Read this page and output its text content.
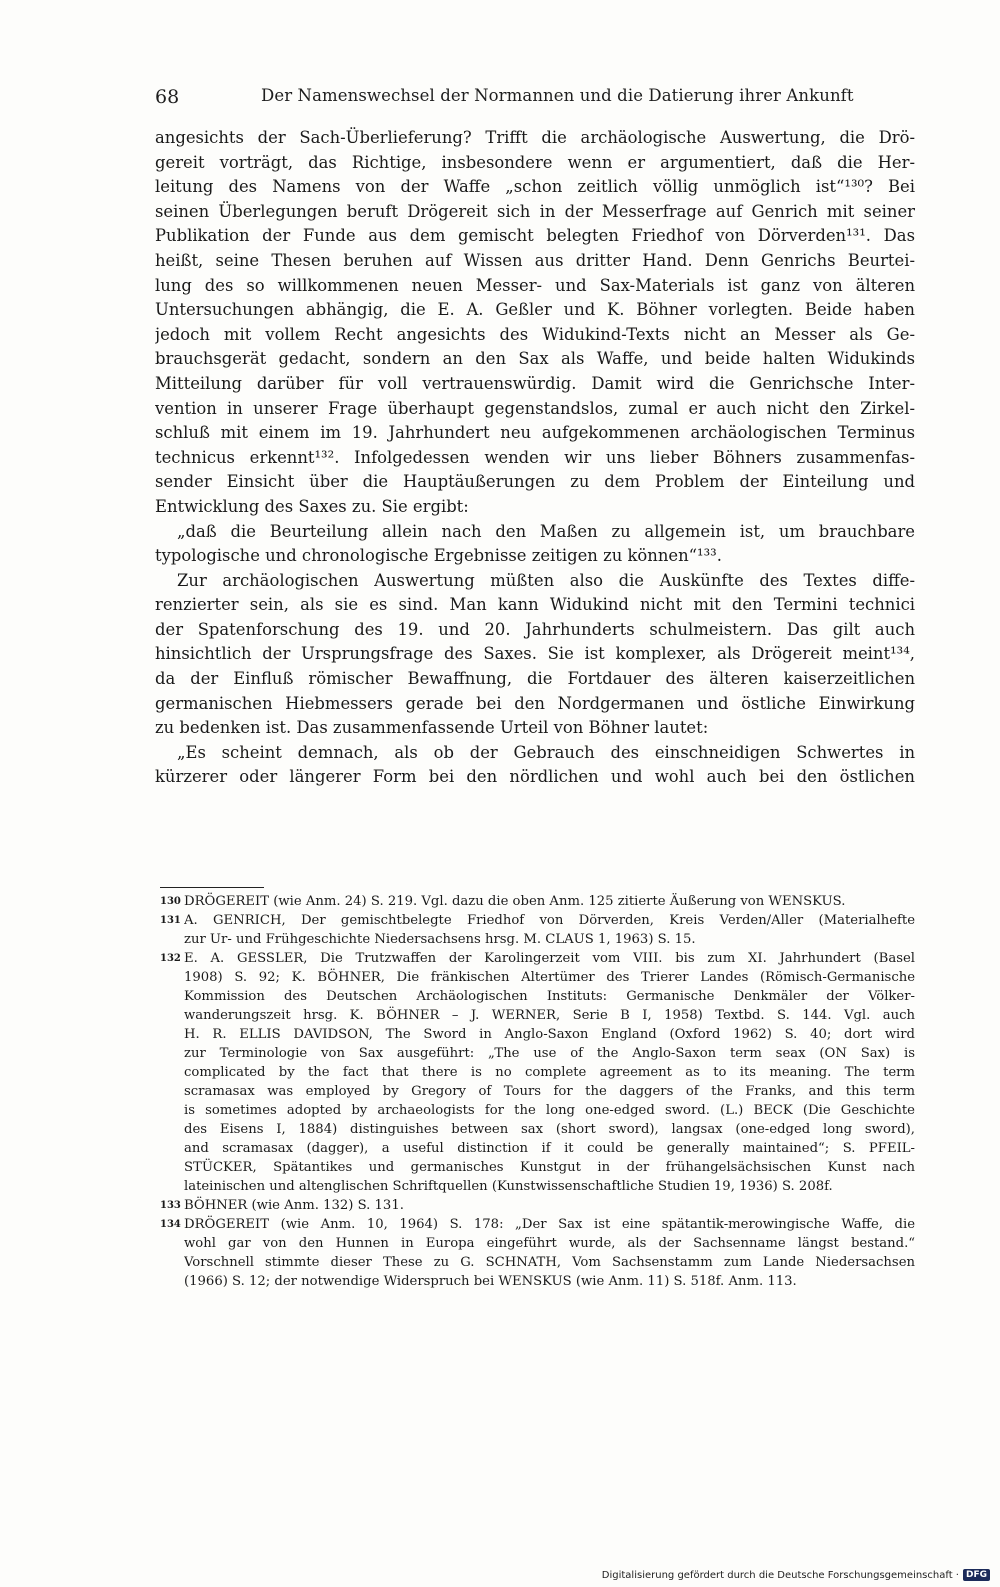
68	Der Namenswechsel der Normannen und die Datierung ihrer Ankunft
angesichts der Sach-Überlieferung? Trifft die archäologische Auswertung, die Drö-
gereit vorträgt, das Richtige, insbesondere wenn er argumentiert, daß die Her-
leitung des Namens von der Waffe „schon zeitlich völlig unmöglich ist“¹³⁰? Bei
seinen Überlegungen beruft Drögereit sich in der Messerfrage auf Genrich mit seiner
Publikation der Funde aus dem gemischt belegten Friedhof von Dörverden¹³¹. Das
heißt, seine Thesen beruhen auf Wissen aus dritter Hand. Denn Genrichs Beurtei-
lung des so willkommenen neuen Messer- und Sax-Materials ist ganz von älteren
Untersuchungen abhängig, die E. A. Geßler und K. Böhner vorlegten. Beide haben
jedoch mit vollem Recht angesichts des Widukind-Texts nicht an Messer als Ge-
brauchsgerät gedacht, sondern an den Sax als Waffe, und beide halten Widukinds
Mitteilung darüber für voll vertrauenswürdig. Damit wird die Genrichsche Inter-
vention in unserer Frage überhaupt gegenstandslos, zumal er auch nicht den Zirkel-
schluß mit einem im 19. Jahrhundert neu aufgekommenen archäologischen Terminus
technicus erkennt¹³². Infolgedessen wenden wir uns lieber Böhners zusammenfas-
sender Einsicht über die Hauptäußerungen zu dem Problem der Einteilung und
Entwicklung des Saxes zu. Sie ergibt:
„daß die Beurteilung allein nach den Maßen zu allgemein ist, um brauchbare
typologische und chronologische Ergebnisse zeitigen zu können“¹³³.
Zur archäologischen Auswertung müßten also die Auskünfte des Textes diffe-
renzierter sein, als sie es sind. Man kann Widukind nicht mit den Termini technici
der Spatenforschung des 19. und 20. Jahrhunderts schulmeistern. Das gilt auch
hinsichtlich der Ursprungsfrage des Saxes. Sie ist komplexer, als Drögereit meint¹³⁴,
da der Einfluß römischer Bewaffnung, die Fortdauer des älteren kaiserzeitlichen
germanischen Hiebmessers gerade bei den Nordgermanen und östliche Einwirkung
zu bedenken ist. Das zusammenfassende Urteil von Böhner lautet:
„Es scheint demnach, als ob der Gebrauch des einschneidigen Schwertes in
kürzerer oder längerer Form bei den nördlichen und wohl auch bei den östlichen
130 DRÖGEREIT (wie Anm. 24) S. 219. Vgl. dazu die oben Anm. 125 zitierte Äußerung von WENSKUS.
131 A. GENRICH, Der gemischtbelegte Friedhof von Dörverden, Kreis Verden/Aller (Materialhefte
zur Ur- und Frühgeschichte Niedersachsens hrsg. M. CLAUS 1, 1963) S. 15.
132 E. A. GESSLER, Die Trutzwaffen der Karolingerzeit vom VIII. bis zum XI. Jahrhundert (Basel
1908) S. 92; K. BÖHNER, Die fränkischen Altertümer des Trierer Landes (Römisch-Germanische
Kommission des Deutschen Archäologischen Instituts: Germanische Denkmäler der Völker-
wanderungszeit hrsg. K. BÖHNER – J. WERNER, Serie B I, 1958) Textbd. S. 144. Vgl. auch
H. R. ELLIS DAVIDSON, The Sword in Anglo-Saxon England (Oxford 1962) S. 40; dort wird
zur Terminologie von Sax ausgeführt: „The use of the Anglo-Saxon term seax (ON Sax) is
complicated by the fact that there is no complete agreement as to its meaning. The term
scramasax was employed by Gregory of Tours for the daggers of the Franks, and this term
is sometimes adopted by archaeologists for the long one-edged sword. (L.) BECK (Die Geschichte
des Eisens I, 1884) distinguishes between sax (short sword), langsax (one-edged long sword),
and scramasax (dagger), a useful distinction if it could be generally maintained“; S. PFEIL-
STÜCKER, Spätantikes und germanisches Kunstgut in der frühangelsächsischen Kunst nach
lateinischen und altenglischen Schriftquellen (Kunstwissenschaftliche Studien 19, 1936) S. 208f.
133 BÖHNER (wie Anm. 132) S. 131.
134 DRÖGEREIT (wie Anm. 10, 1964) S. 178: „Der Sax ist eine spätantik-merowingische Waffe, die
wohl gar von den Hunnen in Europa eingeführt wurde, als der Sachsenname längst bestand.“
Vorschnell stimmte dieser These zu G. SCHNATH, Vom Sachsenstamm zum Lande Niedersachsen
(1966) S. 12; der notwendige Widerspruch bei WENSKUS (wie Anm. 11) S. 518f. Anm. 113.
Digitalisierung gefördert durch die Deutsche Forschungsgemeinschaft · DFG
